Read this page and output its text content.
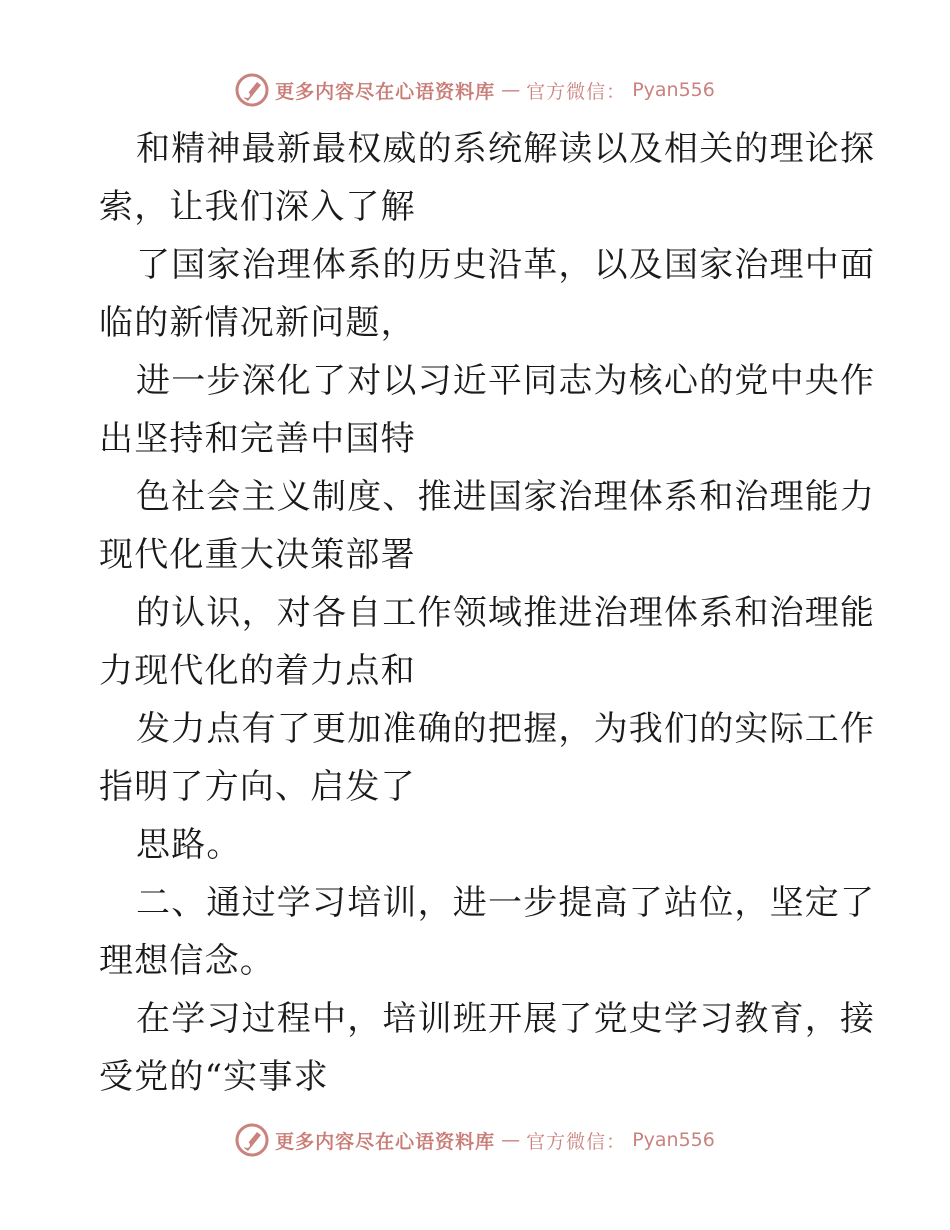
更多内容尽在心语资料库 — 官方微信： Pyan556
和精神最新最权威的系统解读以及相关的理论探
索，让我们深入了解
了国家治理体系的历史沿革，以及国家治理中面
临的新情况新问题，
进一步深化了对以习近平同志为核心的党中央作
出坚持和完善中国特
色社会主义制度、推进国家治理体系和治理能力
现代化重大决策部署
的认识，对各自工作领域推进治理体系和治理能
力现代化的着力点和
发力点有了更加准确的把握，为我们的实际工作
指明了方向、启发了
思路。
二、通过学习培训，进一步提高了站位，坚定了
理想信念。
在学习过程中，培训班开展了党史学习教育，接
受党的“实事求
更多内容尽在心语资料库 — 官方微信： Pyan556
